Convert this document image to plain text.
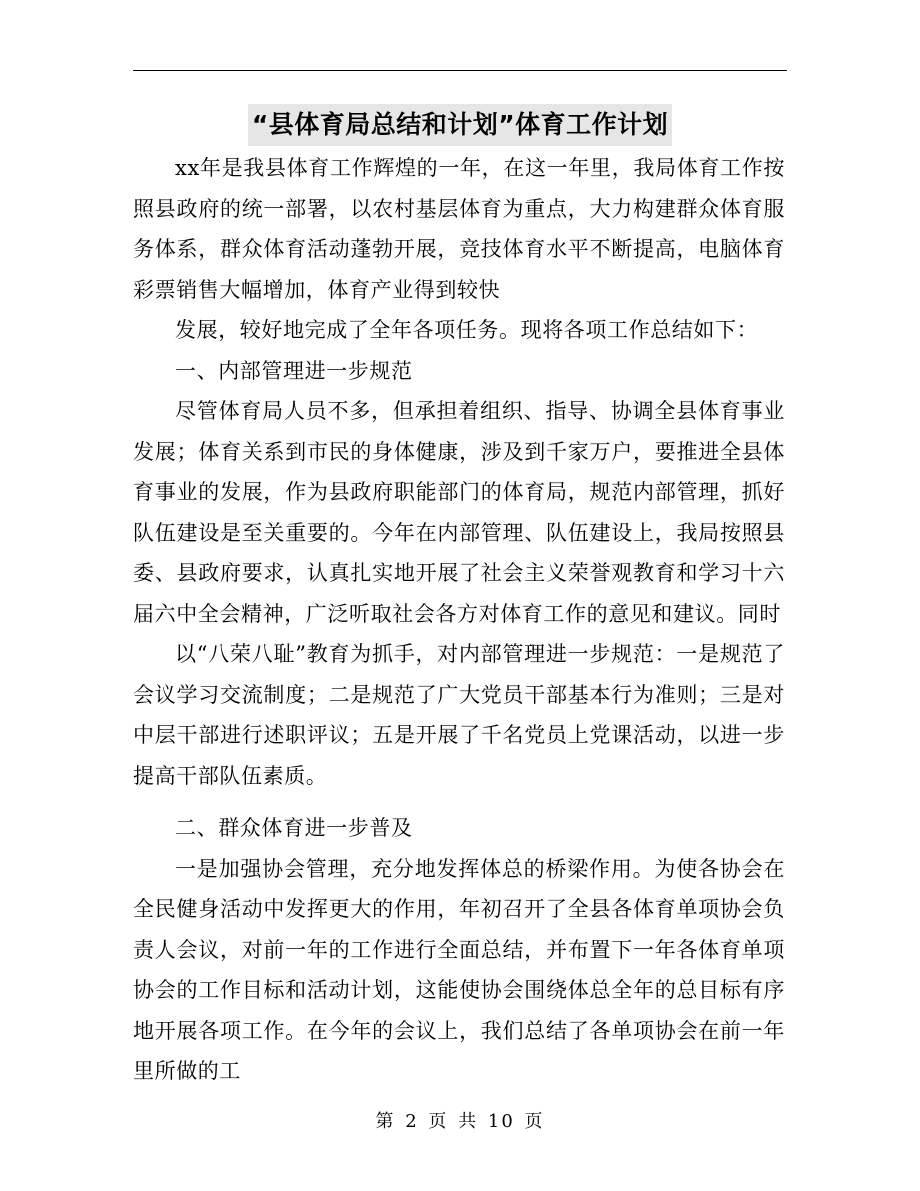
“县体育局总结和计划”体育工作计划

xx年是我县体育工作辉煌的一年，在这一年里，我局体育工作按照县政府的统一部署，以农村基层体育为重点，大力构建群众体育服务体系，群众体育活动蓬勃开展，竞技体育水平不断提高，电脑体育彩票销售大幅增加，体育产业得到较快

发展，较好地完成了全年各项任务。现将各项工作总结如下：

一、内部管理进一步规范

尽管体育局人员不多，但承担着组织、指导、协调全县体育事业发展；体育关系到市民的身体健康，涉及到千家万户，要推进全县体育事业的发展，作为县政府职能部门的体育局，规范内部管理，抓好队伍建设是至关重要的。今年在内部管理、队伍建设上，我局按照县委、县政府要求，认真扎实地开展了社会主义荣誉观教育和学习十六届六中全会精神，广泛听取社会各方对体育工作的意见和建议。同时

以“八荣八耻”教育为抓手，对内部管理进一步规范：一是规范了会议学习交流制度；二是规范了广大党员干部基本行为准则；三是对中层干部进行述职评议；五是开展了千名党员上党课活动，以进一步提高干部队伍素质。

二、群众体育进一步普及

一是加强协会管理，充分地发挥体总的桥梁作用。为使各协会在全民健身活动中发挥更大的作用，年初召开了全县各体育单项协会负责人会议，对前一年的工作进行全面总结，并布置下一年各体育单项协会的工作目标和活动计划，这能使协会围绕体总全年的总目标有序地开展各项工作。在今年的会议上，我们总结了各单项协会在前一年里所做的工

第 2 页 共 10 页
